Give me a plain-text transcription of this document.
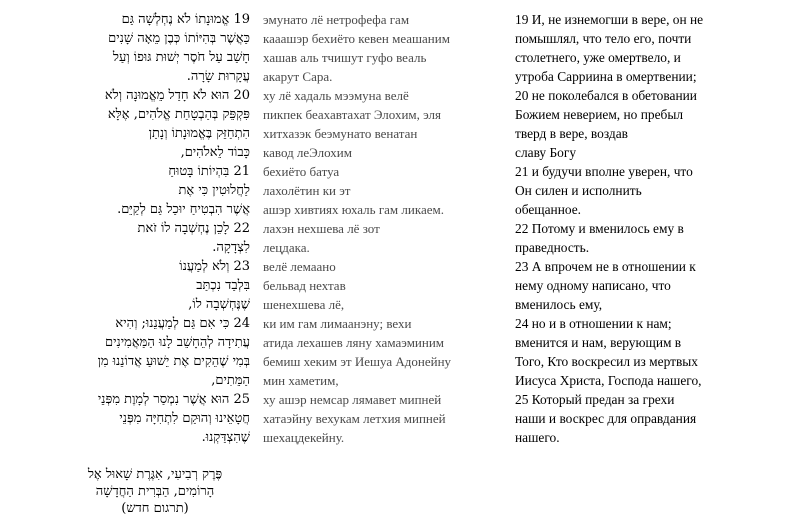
19 אֱמוּנָתוֹ לֹא נֶחְלְשָׁה גַּם
כַּאֲשֶׁר בְּהִיּוֹתוֹ כְּבֶן מֵאָה שָׁנִים
חָשַׁב עַל חֹסֶר יְשׁוּת גּוּפוֹ וְעַל
עֲקָרוּת שָׂרָה.
20 הוּא לֹא חָדַל מֵאֱמוּנָה וְלֹא
פִּקְפֵּק בְּהַבְטָחַת אֱלֹהִים, אֶלָּא
הִתְחַזֵּק בֶּאֱמוּנָתוֹ וְנָתַן
כָּבוֹד לֵאלֹהִים,
21 בִּהְיוֹתוֹ בָּטוּחַ
לַחֲלוּטִין כִּי אֶת
אֲשֶׁר הִבְטִיחַ יוּכַל גַּם לְקַיֵּם.
22 לָכֵן נֶחְשְׁבָה לוֹ זֹאת
לִצְדָקָה.
23 וְלֹא לְמַעֲנוֹ
בִּלְבַד נִכְתַּב
שֶׁנֶּחְשְׁבָה לוֹ,
24 כִּי אִם גַּם לְמַעֲנֵנוּ; וְהִיא
עֲתִידָה לְהֵחָשֵׁב לָנוּ הַמַּאֲמִינִים
בְּמִי שֶׁהֵקִים אֶת יֵשׁוּעַ אֲדוֹנֵנוּ מִן
הַמֵּתִים,
25 הוּא אֲשֶׁר נִמְסַר לְמָוֶת מִפְּנֵי
חֲטָאֵינוּ וְהוּקַם לִתְחִיָּה מִפְּנֵי
שֶׁהִצְדַּקְנוּ.
פֶּרֶק רְבִיעִי, אִגֶּרֶת שָׁאוּל אֶל
הָרוֹמִים, הַבְּרִית הַחֲדָשָׁה
(תרגום חדש)
эмунато лё нетрофефа гам
кааашэр бехиёто кевен меашаним
хашав аль тчишут гуфо веаль
акарут Сара.
ху лё хадаль мээмуна велё
пикпек беахавтахат Элохим, эля
хитхазэк беэмунато венатан
кавод леЭлохим
бехиёто батуа
лахолётин ки эт
ашэр хивтиях юхаль гам ликаем.
лахэн нехшева лё зот
лецдака.
велё лемаано
бельвад нехтав
шенехшева лё,
ки им гам лимаанэну; вехи
атида лехашев ляну хамаэминим
бемиш хеким эт Иешуа Адонейну
мин хаметим,
ху ашэр немсар лямавет мипней
хатаэйну вехукам летхия мипней
шехацдекейну.
19 И, не изнемогши в вере, он не
помышлял, что тело его, почти
столетнего, уже омертвело, и
утроба Сарриина в омертвении;
20 не поколебался в обетовании
Божием неверием, но пребыл
тверд в вере, воздав
славу Богу
21 и будучи вполне уверен, что
Он силен и исполнить
обещанное.
22 Потому и вменилось ему в
праведность.
23 А впрочем не в отношении к
нему одному написано, что
вменилось ему,
24 но и в отношении к нам;
вменится и нам, верующим в
Того, Кто воскресил из мертвых
Иисуса Христа, Господа нашего,
25 Который предан за грехи
наши и воскрес для оправдания
нашего.
